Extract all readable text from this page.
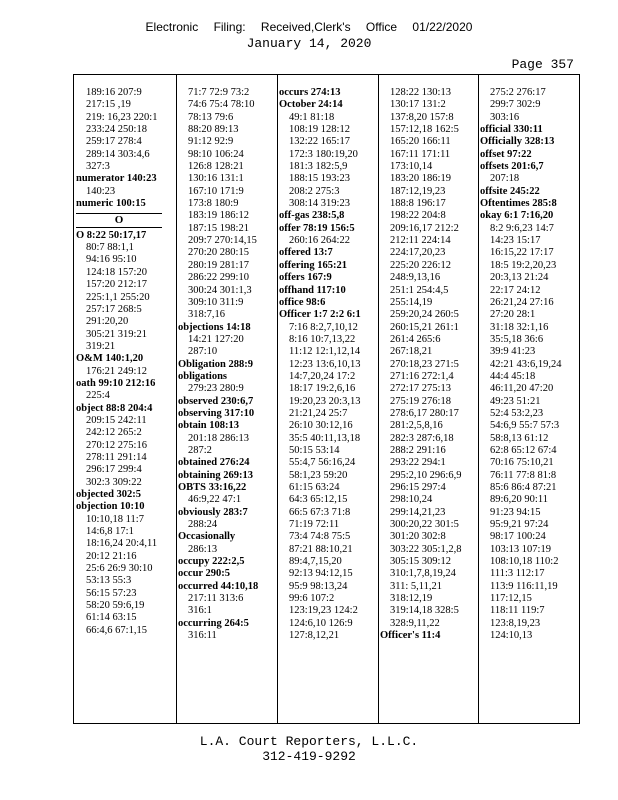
Electronic Filing: Received,Clerk's Office 01/22/2020
January 14, 2020
Page 357
189:16 207:9
217:15 ,19
219: 16,23 220:1
233:24 250:18
259:17 278:4
289:14 303:4,6
327:3
numerator 140:23
140:23
numeric 100:15
O
O 8:22 50:17,17
80:7 88:1,1
94:16 95:10
124:18 157:20
157:20 212:17
225:1,1 255:20
257:17 268:5
291:20,20
305:21 319:21
319:21
O&M 140:1,20
176:21 249:12
oath 99:10 212:16
225:4
object 88:8 204:4
209:15 242:11
242:12 265:2
270:12 275:16
278:11 291:14
296:17 299:4
302:3 309:22
objected 302:5
objection 10:10
10:10,18 11:7
14:6,8 17:1
18:16,24 20:4,11
20:12 21:16
25:6 26:9 30:10
53:13 55:3
56:15 57:23
58:20 59:6,19
61:14 63:15
66:4,6 67:1,15
71:7 72:9 73:2
74:6 75:4 78:10
78:13 79:6
88:20 89:13
91:12 92:9
98:10 106:24
126:8 128:21
130:16 131:1
167:10 171:9
173:8 180:9
183:19 186:12
187:15 198:21
209:7 270:14,15
270:20 280:15
280:19 281:17
286:22 299:10
300:24 301:1,3
309:10 311:9
318:7,16
objections 14:18
14:21 127:20
287:10
Obligation 288:9
obligations
279:23 280:9
observed 230:6,7
observing 317:10
obtain 108:13
201:18 286:13
287:2
obtained 276:24
obtaining 269:13
OBTS 33:16,22
46:9,22 47:1
obviously 283:7
288:24
Occasionally
286:13
occupy 222:2,5
occur 290:5
occurred 44:10,18
217:11 313:6
316:1
occurring 264:5
316:11
occurs 274:13
October 24:14
49:1 81:18
108:19 128:12
132:22 165:17
172:3 180:19,20
181:3 182:5,9
188:15 193:23
208:2 275:3
308:14 319:23
off-gas 238:5,8
offer 78:19 156:5
260:16 264:22
offered 13:7
offering 165:21
offers 167:9
offhand 117:10
office 98:6
Officer 1:7 2:2 6:1
7:16 8:2,7,10,12
8:16 10:7,13,22
11:12 12:1,12,14
12:23 13:6,10,13
14:7,20,24 17:2
18:17 19:2,6,16
19:20,23 20:3,13
21:21,24 25:7
26:10 30:12,16
35:5 40:11,13,18
50:15 53:14
55:4,7 56:16,24
58:1,23 59:20
61:15 63:24
64:3 65:12,15
66:5 67:3 71:8
71:19 72:11
73:4 74:8 75:5
87:21 88:10,21
89:4,7,15,20
92:13 94:12,15
95:9 98:13,24
99:6 107:2
123:19,23 124:2
124:6,10 126:9
127:8,12,21
128:22 130:13
130:17 131:2
137:8,20 157:8
157:12,18 162:5
165:20 166:11
167:11 171:11
173:10,14
183:20 186:19
187:12,19,23
188:8 196:17
198:22 204:8
209:16,17 212:2
212:11 224:14
224:17,20,23
225:20 226:12
248:9,13,16
251:1 254:4,5
255:14,19
259:20,24 260:5
260:15,21 261:1
261:4 265:6
267:18,21
270:18,23 271:5
271:16 272:1,4
272:17 275:13
275:19 276:18
278:6,17 280:17
281:2,5,8,16
282:3 287:6,18
288:2 291:16
293:22 294:1
295:2,10 296:6,9
296:15 297:4
298:10,24
299:14,21,23
300:20,22 301:5
301:20 302:8
303:22 305:1,2,8
305:15 309:12
310:1,7,8,19,24
311: 5,11,21
318:12,19
319:14,18 328:5
328:9,11,22
Officer's 11:4
275:2 276:17
299:7 302:9
303:16
official 330:11
Officially 328:13
offset 97:22
offsets 201:6,7
207:18
offsite 245:22
Oftentimes 285:8
okay 6:1 7:16,20
8:2 9:6,23 14:7
14:23 15:17
16:15,22 17:17
18:5 19:2,20,23
20:3,13 21:24
22:17 24:12
26:21,24 27:16
27:20 28:1
31:18 32:1,16
35:5,18 36:6
39:9 41:23
42:21 43:6,19,24
44:4 45:18
46:11,20 47:20
49:23 51:21
52:4 53:2,23
54:6,9 55:7 57:3
58:8,13 61:12
62:8 65:12 67:4
70:16 75:10,21
76:11 77:8 81:8
85:6 86:4 87:21
89:6,20 90:11
91:23 94:15
95:9,21 97:24
98:17 100:24
103:13 107:19
108:10,18 110:2
111:3 112:17
113:9 116:11,19
117:12,15
118:11 119:7
123:8,19,23
124:10,13
L.A. Court Reporters, L.L.C.
312-419-9292
